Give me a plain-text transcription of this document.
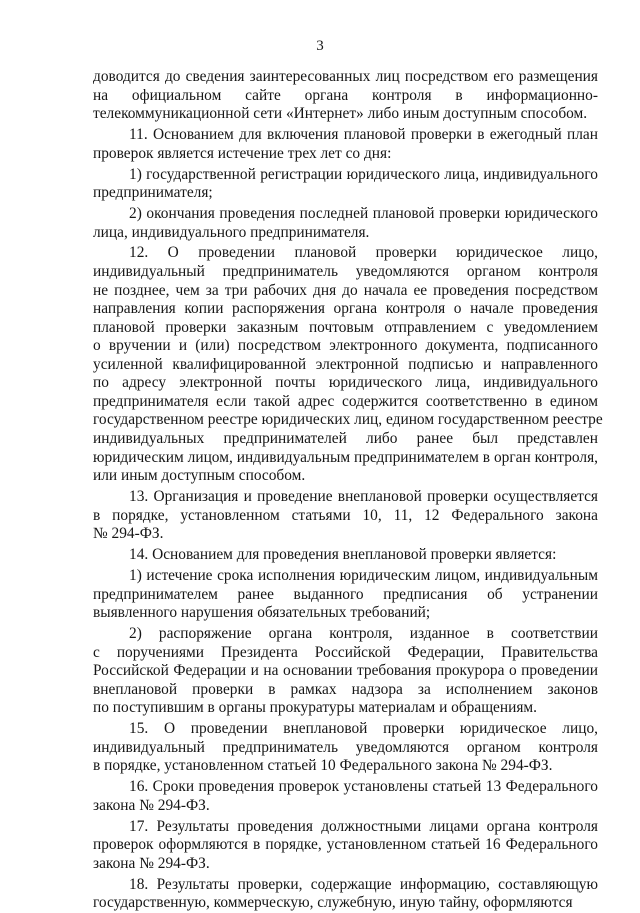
3
доводится до сведения заинтересованных лиц посредством его размещения
на официальном сайте органа контроля в информационно-
телекоммуникационной сети «Интернет» либо иным доступным способом.
11. Основанием для включения плановой проверки в ежегодный план
проверок является истечение трех лет со дня:
1) государственной регистрации юридического лица, индивидуального
предпринимателя;
2) окончания проведения последней плановой проверки юридического
лица, индивидуального предпринимателя.
12. О проведении плановой проверки юридическое лицо,
индивидуальный предприниматель уведомляются органом контроля
не позднее, чем за три рабочих дня до начала ее проведения посредством
направления копии распоряжения органа контроля о начале проведения
плановой проверки заказным почтовым отправлением с уведомлением
о вручении и (или) посредством электронного документа, подписанного
усиленной квалифицированной электронной подписью и направленного
по адресу электронной почты юридического лица, индивидуального
предпринимателя если такой адрес содержится соответственно в едином
государственном реестре юридических лиц, едином государственном реестре
индивидуальных предпринимателей либо ранее был представлен
юридическим лицом, индивидуальным предпринимателем в орган контроля,
или иным доступным способом.
13. Организация и проведение внеплановой проверки осуществляется
в порядке, установленном статьями 10, 11, 12 Федерального закона
№ 294-ФЗ.
14. Основанием для проведения внеплановой проверки является:
1) истечение срока исполнения юридическим лицом, индивидуальным
предпринимателем ранее выданного предписания об устранении
выявленного нарушения обязательных требований;
2) распоряжение органа контроля, изданное в соответствии
с поручениями Президента Российской Федерации, Правительства
Российской Федерации и на основании требования прокурора о проведении
внеплановой проверки в рамках надзора за исполнением законов
по поступившим в органы прокуратуры материалам и обращениям.
15. О проведении внеплановой проверки юридическое лицо,
индивидуальный предприниматель уведомляются органом контроля
в порядке, установленном статьей 10 Федерального закона № 294-ФЗ.
16. Сроки проведения проверок установлены статьей 13 Федерального
закона № 294-ФЗ.
17. Результаты проведения должностными лицами органа контроля
проверок оформляются в порядке, установленном статьей 16 Федерального
закона № 294-ФЗ.
18. Результаты проверки, содержащие информацию, составляющую
государственную, коммерческую, служебную, иную тайну, оформляются
